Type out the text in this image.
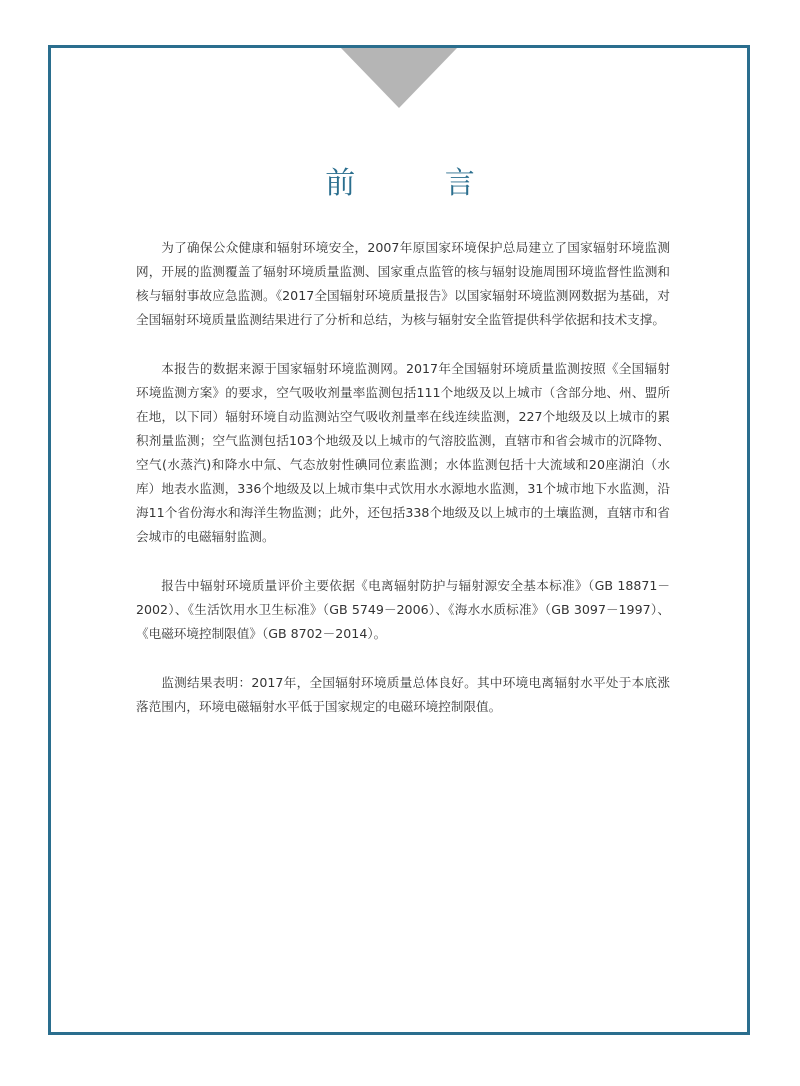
前 言

为了确保公众健康和辐射环境安全，2007年原国家环境保护总局建立了国家辐射环境监测网，开展的监测覆盖了辐射环境质量监测、国家重点监管的核与辐射设施周围环境监督性监测和核与辐射事故应急监测。《2017全国辐射环境质量报告》以国家辐射环境监测网数据为基础，对全国辐射环境质量监测结果进行了分析和总结，为核与辐射安全监管提供科学依据和技术支撑。

本报告的数据来源于国家辐射环境监测网。2017年全国辐射环境质量监测按照《全国辐射环境监测方案》的要求，空气吸收剂量率监测包括111个地级及以上城市（含部分地、州、盟所在地，以下同）辐射环境自动监测站空气吸收剂量率在线连续监测，227个地级及以上城市的累积剂量监测；空气监测包括103个地级及以上城市的气溶胶监测，直辖市和省会城市的沉降物、空气(水蒸汽)和降水中氚、气态放射性碘同位素监测；水体监测包括十大流域和20座湖泊（水库）地表水监测，336个地级及以上城市集中式饮用水水源地水监测，31个城市地下水监测，沿海11个省份海水和海洋生物监测；此外，还包括338个地级及以上城市的土壤监测，直辖市和省会城市的电磁辐射监测。

报告中辐射环境质量评价主要依据《电离辐射防护与辐射源安全基本标准》（GB 18871－2002）、《生活饮用水卫生标准》（GB 5749－2006）、《海水水质标准》（GB 3097－1997）、《电磁环境控制限值》（GB 8702－2014）。

监测结果表明：2017年，全国辐射环境质量总体良好。其中环境电离辐射水平处于本底涨落范围内，环境电磁辐射水平低于国家规定的电磁环境控制限值。
